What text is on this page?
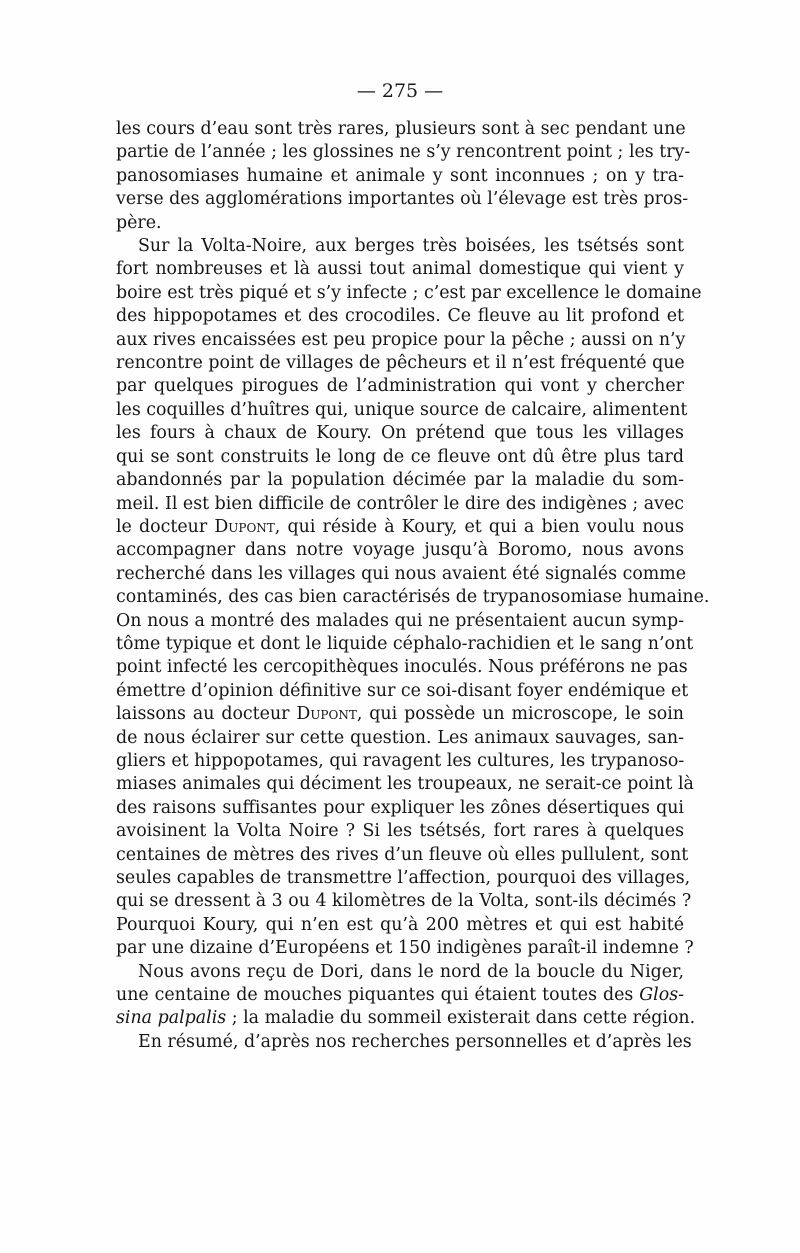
— 275 —
les cours d’eau sont très rares, plusieurs sont à sec pendant une
partie de l’année ; les glossines ne s’y rencontrent point ; les try-
panosomiases humaine et animale y sont inconnues ; on y tra-
verse des agglomérations importantes où l’élevage est très pros-
père.
Sur la Volta-Noire, aux berges très boisées, les tsétsés sont
fort nombreuses et là aussi tout animal domestique qui vient y
boire est très piqué et s’y infecte ; c’est par excellence le domaine
des hippopotames et des crocodiles. Ce fleuve au lit profond et
aux rives encaissées est peu propice pour la pêche ; aussi on n’y
rencontre point de villages de pêcheurs et il n’est fréquenté que
par quelques pirogues de l’administration qui vont y chercher
les coquilles d’huîtres qui, unique source de calcaire, alimentent
les fours à chaux de Koury. On prétend que tous les villages
qui se sont construits le long de ce fleuve ont dû être plus tard
abandonnés par la population décimée par la maladie du som-
meil. Il est bien difficile de contrôler le dire des indigènes ; avec
le docteur Dupont, qui réside à Koury, et qui a bien voulu nous
accompagner dans notre voyage jusqu’à Boromo, nous avons
recherché dans les villages qui nous avaient été signalés comme
contaminés, des cas bien caractérisés de trypanosomiase humaine.
On nous a montré des malades qui ne présentaient aucun symp-
tôme typique et dont le liquide céphalo-rachidien et le sang n’ont
point infecté les cercopithèques inoculés. Nous préférons ne pas
émettre d’opinion définitive sur ce soi-disant foyer endémique et
laissons au docteur Dupont, qui possède un microscope, le soin
de nous éclairer sur cette question. Les animaux sauvages, san-
gliers et hippopotames, qui ravagent les cultures, les trypanoso-
miases animales qui déciment les troupeaux, ne serait-ce point là
des raisons suffisantes pour expliquer les zônes désertiques qui
avoisinent la Volta Noire ? Si les tsétsés, fort rares à quelques
centaines de mètres des rives d’un fleuve où elles pullulent, sont
seules capables de transmettre l’affection, pourquoi des villages,
qui se dressent à 3 ou 4 kilomètres de la Volta, sont-ils décimés ?
Pourquoi Koury, qui n’en est qu’à 200 mètres et qui est habité
par une dizaine d’Européens et 150 indigènes paraît-il indemne ?
Nous avons reçu de Dori, dans le nord de la boucle du Niger,
une centaine de mouches piquantes qui étaient toutes des Glos-
sina palpalis ; la maladie du sommeil existerait dans cette région.
En résumé, d’après nos recherches personnelles et d’après les
